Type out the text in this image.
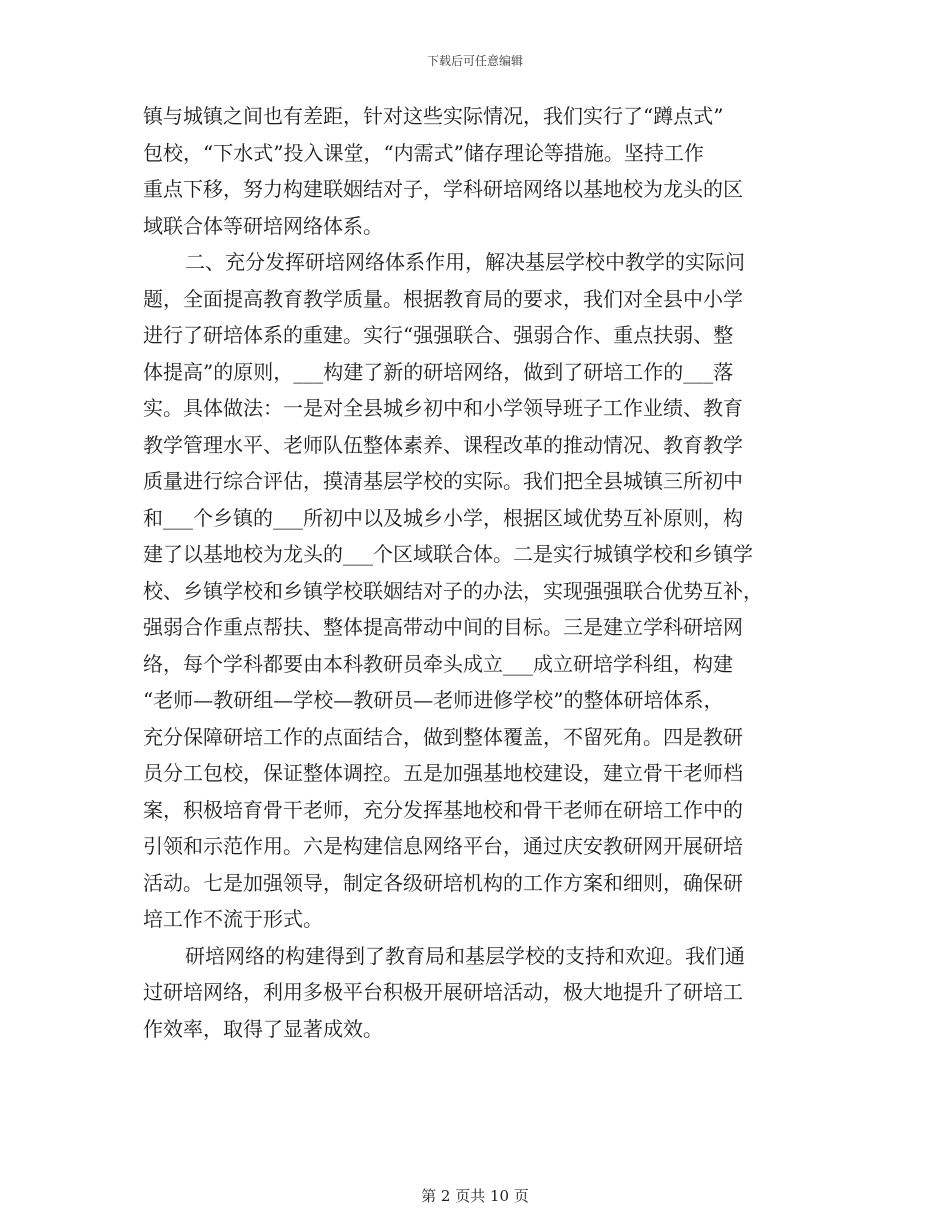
下载后可任意编辑
镇与城镇之间也有差距，针对这些实际情况，我们实行了“蹲点式”
包校，“下水式”投入课堂，“内需式”储存理论等措施。坚持工作
重点下移，努力构建联姻结对子，学科研培网络以基地校为龙头的区
域联合体等研培网络体系。
二、充分发挥研培网络体系作用，解决基层学校中教学的实际问
题，全面提高教育教学质量。根据教育局的要求，我们对全县中小学
进行了研培体系的重建。实行“强强联合、强弱合作、重点扶弱、整
体提高”的原则，___构建了新的研培网络，做到了研培工作的___落
实。具体做法：一是对全县城乡初中和小学领导班子工作业绩、教育
教学管理水平、老师队伍整体素养、课程改革的推动情况、教育教学
质量进行综合评估，摸清基层学校的实际。我们把全县城镇三所初中
和___个乡镇的___所初中以及城乡小学，根据区域优势互补原则，构
建了以基地校为龙头的___个区域联合体。二是实行城镇学校和乡镇学
校、乡镇学校和乡镇学校联姻结对子的办法，实现强强联合优势互补，
强弱合作重点帮扶、整体提高带动中间的目标。三是建立学科研培网
络，每个学科都要由本科教研员牵头成立___成立研培学科组，构建
“老师—教研组—学校—教研员—老师进修学校”的整体研培体系，
充分保障研培工作的点面结合，做到整体覆盖，不留死角。四是教研
员分工包校，保证整体调控。五是加强基地校建设，建立骨干老师档
案，积极培育骨干老师，充分发挥基地校和骨干老师在研培工作中的
引领和示范作用。六是构建信息网络平台，通过庆安教研网开展研培
活动。七是加强领导，制定各级研培机构的工作方案和细则，确保研
培工作不流于形式。
研培网络的构建得到了教育局和基层学校的支持和欢迎。我们通
过研培网络，利用多极平台积极开展研培活动，极大地提升了研培工
作效率，取得了显著成效。
第 2 页共 10 页
